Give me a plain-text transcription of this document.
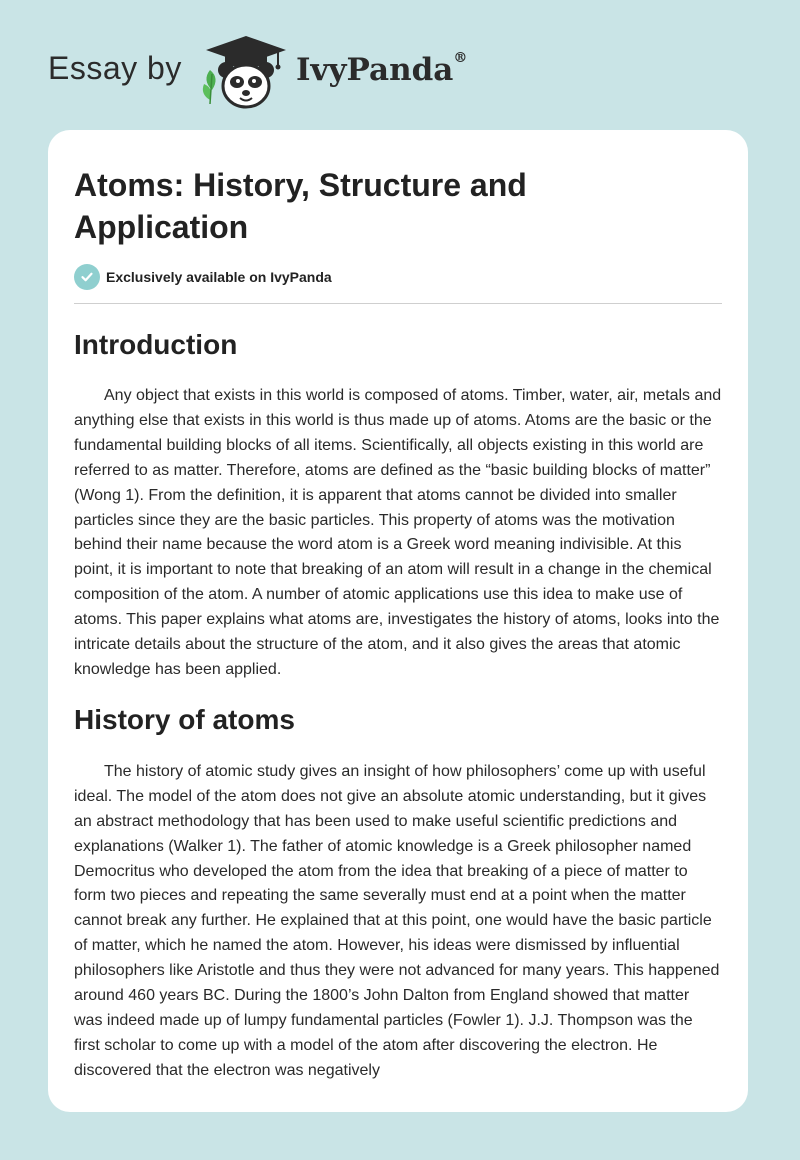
Essay by	IvyPanda®
Atoms: History, Structure and Application
Exclusively available on IvyPanda
Introduction

Any object that exists in this world is composed of atoms. Timber, water, air, metals and anything else that exists in this world is thus made up of atoms. Atoms are the basic or the fundamental building blocks of all items. Scientifically, all objects existing in this world are referred to as matter. Therefore, atoms are defined as the “basic building blocks of matter” (Wong 1). From the definition, it is apparent that atoms cannot be divided into smaller particles since they are the basic particles. This property of atoms was the motivation behind their name because the word atom is a Greek word meaning indivisible. At this point, it is important to note that breaking of an atom will result in a change in the chemical composition of the atom. A number of atomic applications use this idea to make use of atoms. This paper explains what atoms are, investigates the history of atoms, looks into the intricate details about the structure of the atom, and it also gives the areas that atomic knowledge has been applied.

History of atoms

The history of atomic study gives an insight of how philosophers’ come up with useful ideal. The model of the atom does not give an absolute atomic understanding, but it gives an abstract methodology that has been used to make useful scientific predictions and explanations (Walker 1). The father of atomic knowledge is a Greek philosopher named Democritus who developed the atom from the idea that breaking of a piece of matter to form two pieces and repeating the same severally must end at a point when the matter cannot break any further. He explained that at this point, one would have the basic particle of matter, which he named the atom. However, his ideas were dismissed by influential philosophers like Aristotle and thus they were not advanced for many years. This happened around 460 years BC. During the 1800’s John Dalton from England showed that matter was indeed made up of lumpy fundamental particles (Fowler 1). J.J. Thompson was the first scholar to come up with a model of the atom after discovering the electron. He discovered that the electron was negatively
